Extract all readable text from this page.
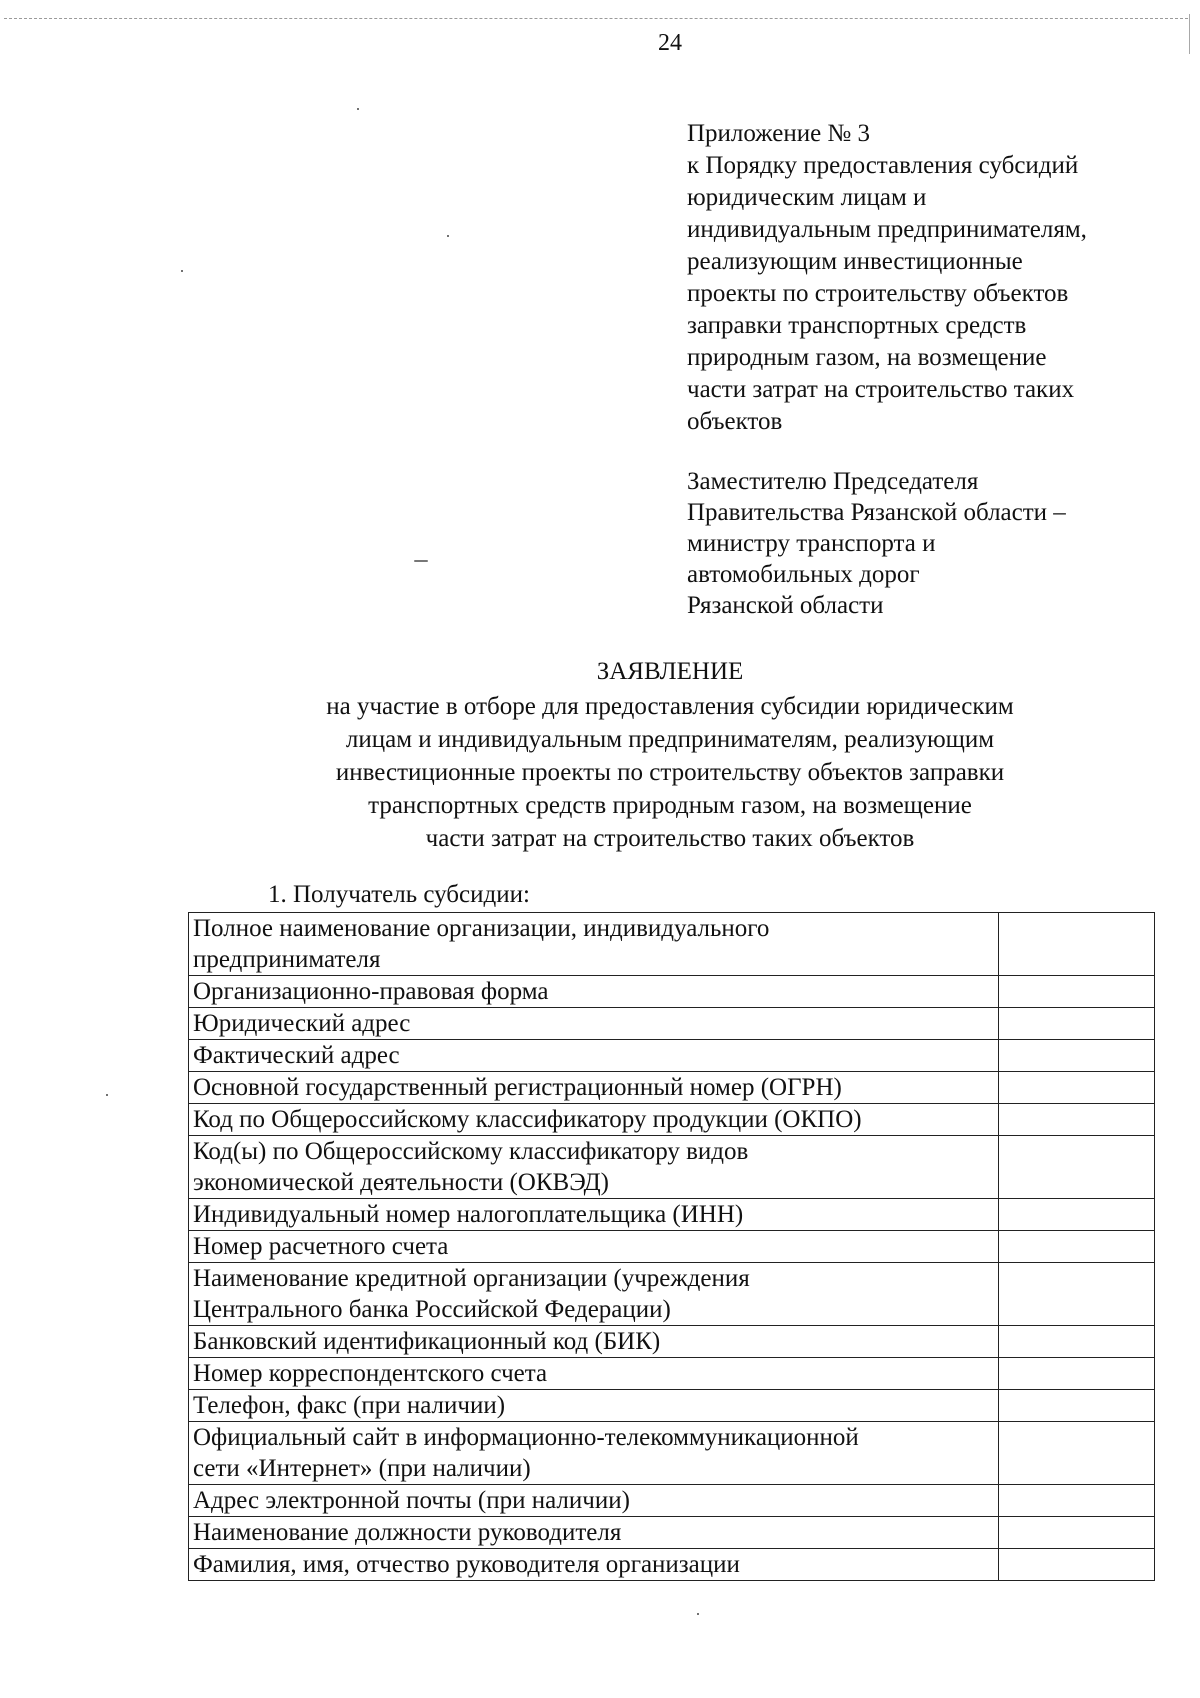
24
Приложение № 3
к Порядку предоставления субсидий
юридическим лицам и
индивидуальным предпринимателям,
реализующим инвестиционные
проекты по строительству объектов
заправки транспортных средств
природным газом, на возмещение
части затрат на строительство таких
объектов
Заместителю Председателя
Правительства Рязанской области –
министру транспорта и
автомобильных дорог
Рязанской области
ЗАЯВЛЕНИЕ
на участие в отборе для предоставления субсидии юридическим
лицам и индивидуальным предпринимателям, реализующим
инвестиционные проекты по строительству объектов заправки
транспортных средств природным газом, на возмещение
части затрат на строительство таких объектов
1. Получатель субсидии:
Полное наименование организации, индивидуального
предпринимателя	

Организационно-правовая форма	

Юридический адрес	

Фактический адрес	

Основной государственный регистрационный номер (ОГРН)	

Код по Общероссийскому классификатору продукции (ОКПО)	

Код(ы) по Общероссийскому классификатору видов
экономической деятельности (ОКВЭД)	

Индивидуальный номер налогоплательщика (ИНН)	

Номер расчетного счета	

Наименование кредитной организации (учреждения
Центрального банка Российской Федерации)	

Банковский идентификационный код (БИК)	

Номер корреспондентского счета	

Телефон, факс (при наличии)	

Официальный сайт в информационно-телекоммуникационной
сети «Интернет» (при наличии)	

Адрес электронной почты (при наличии)	

Наименование должности руководителя	

Фамилия, имя, отчество руководителя организации	
